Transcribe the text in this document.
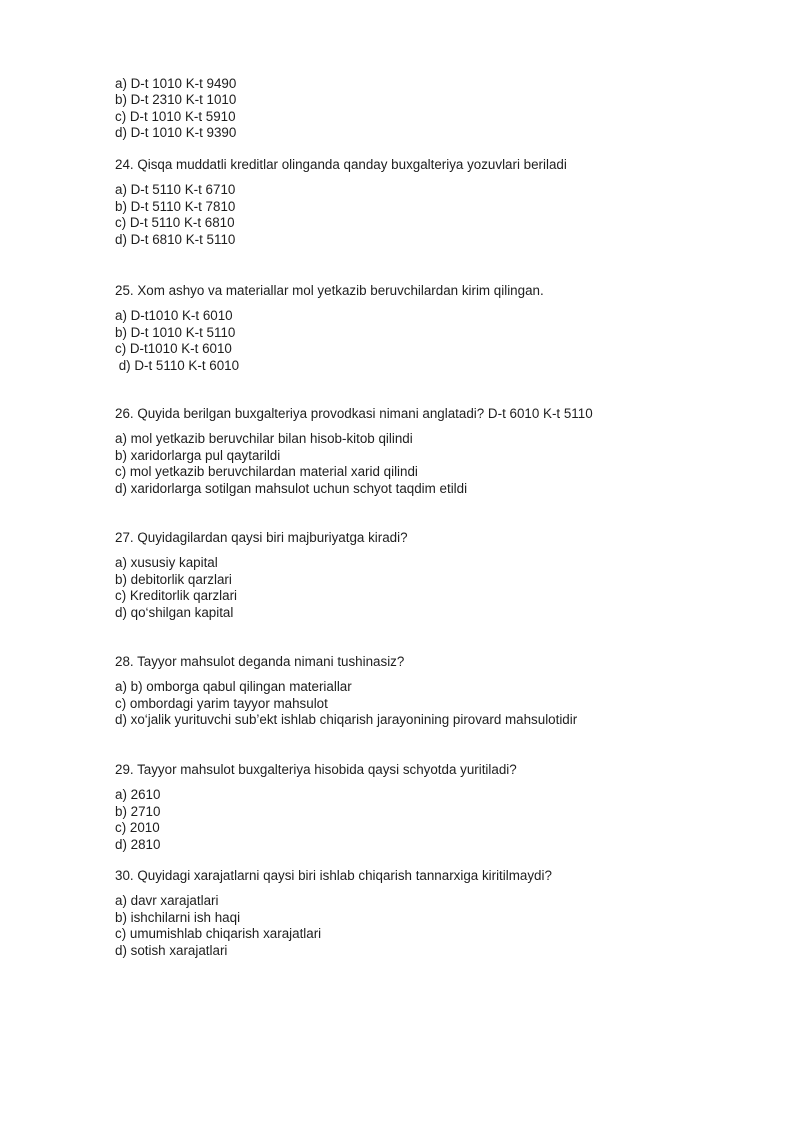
a) D-t 1010 K-t 9490

b) D-t 2310 K-t 1010

c) D-t 1010 K-t 5910

d) D-t 1010 K-t 9390

24. Qisqa muddatli kreditlar olinganda qanday buxgalteriya yozuvlari beriladi

a) D-t 5110 K-t 6710

b) D-t 5110 K-t 7810

c) D-t 5110 K-t 6810

d) D-t 6810 K-t 5110

25. Xom ashyo va materiallar mol yetkazib beruvchilardan kirim qilingan.

a) D-t1010 K-t 6010

b) D-t 1010 K-t 5110

c) D-t1010 K-t 6010

d) D-t 5110 K-t 6010

26. Quyida berilgan buxgalteriya provodkasi nimani anglatadi? D-t 6010 K-t 5110

a) mol yetkazib beruvchilar bilan hisob-kitob qilindi

b) xaridorlarga pul qaytarildi

c) mol yetkazib beruvchilardan material xarid qilindi

d) xaridorlarga sotilgan mahsulot uchun schyot taqdim etildi

27. Quyidagilardan qaysi biri majburiyatga kiradi?

a) xususiy kapital

b) debitorlik qarzlari

c) Kreditorlik qarzlari

d) qo‘shilgan kapital

28. Tayyor mahsulot deganda nimani tushinasiz?

a) b) omborga qabul qilingan materiallar

c) ombordagi yarim tayyor mahsulot

d) xo‘jalik yurituvchi sub’ekt ishlab chiqarish jarayonining pirovard mahsulotidir

29. Tayyor mahsulot buxgalteriya hisobida qaysi schyotda yuritiladi?

a) 2610

b) 2710

c) 2010

d) 2810

30. Quyidagi xarajatlarni qaysi biri ishlab chiqarish tannarxiga kiritilmaydi?

a) davr xarajatlari

b) ishchilarni ish haqi

c) umumishlab chiqarish xarajatlari

d) sotish xarajatlari
